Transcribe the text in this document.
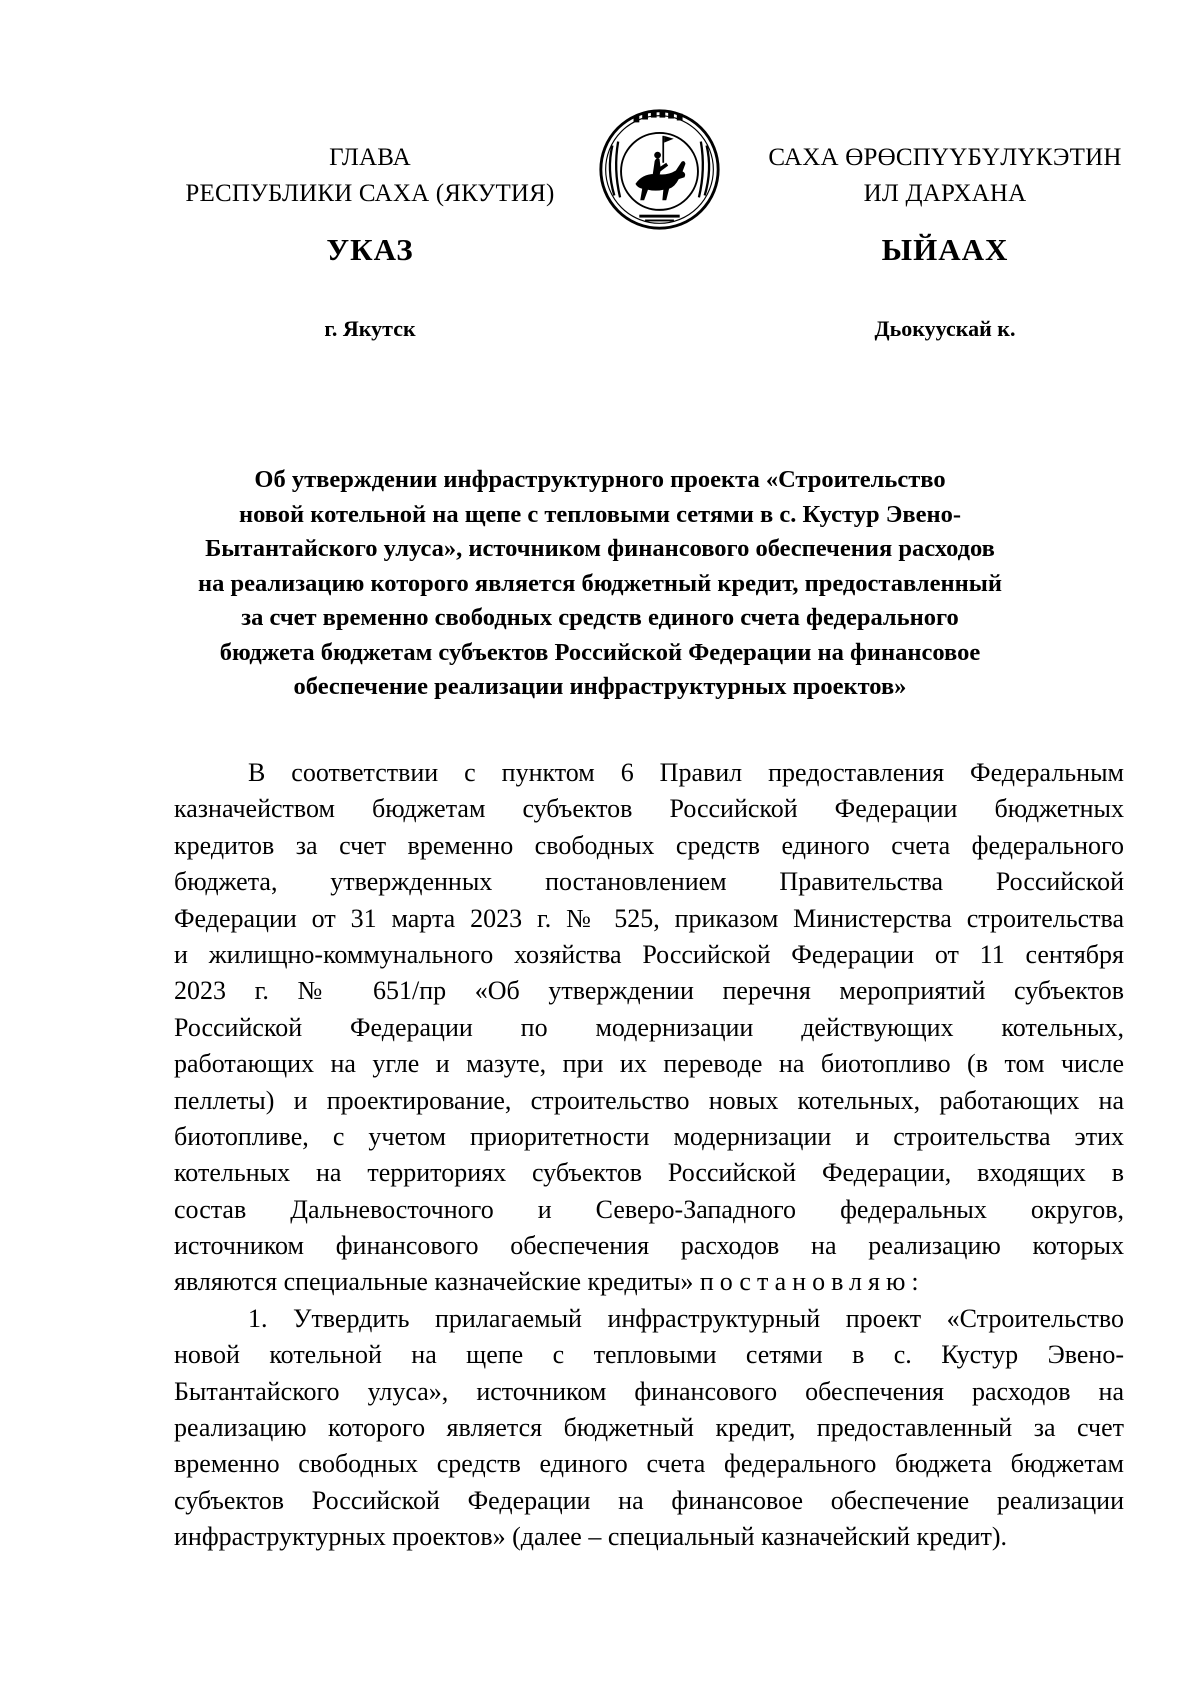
ГЛАВА
РЕСПУБЛИКИ САХА (ЯКУТИЯ)
САХА ӨРӨСПҮҮБҮЛҮКЭТИН
ИЛ ДАРХАНА
УКАЗ	ЫЙААХ
г. Якутск	Дьокуускай к.
Об утверждении инфраструктурного проекта «Строительство
новой котельной на щепе с тепловыми сетями в с. Кустур Эвено-
Бытантайского улуса», источником финансового обеспечения расходов
на реализацию которого является бюджетный кредит, предоставленный
за счет временно свободных средств единого счета федерального
бюджета бюджетам субъектов Российской Федерации на финансовое
обеспечение реализации инфраструктурных проектов»
В соответствии с пунктом 6 Правил предоставления Федеральным
казначейством бюджетам субъектов Российской Федерации бюджетных
кредитов за счет временно свободных средств единого счета федерального
бюджета, утвержденных постановлением Правительства Российской
Федерации от 31 марта 2023 г. № 525, приказом Министерства строительства
и жилищно-коммунального хозяйства Российской Федерации от 11 сентября
2023 г. № 651/пр «Об утверждении перечня мероприятий субъектов
Российской Федерации по модернизации действующих котельных,
работающих на угле и мазуте, при их переводе на биотопливо (в том числе
пеллеты) и проектирование, строительство новых котельных, работающих на
биотопливе, с учетом приоритетности модернизации и строительства этих
котельных на территориях субъектов Российской Федерации, входящих в
состав Дальневосточного и Северо-Западного федеральных округов,
источником финансового обеспечения расходов на реализацию которых
являются специальные казначейские кредиты» постановляю:
1. Утвердить прилагаемый инфраструктурный проект «Строительство
новой котельной на щепе с тепловыми сетями в с. Кустур Эвено-
Бытантайского улуса», источником финансового обеспечения расходов на
реализацию которого является бюджетный кредит, предоставленный за счет
временно свободных средств единого счета федерального бюджета бюджетам
субъектов Российской Федерации на финансовое обеспечение реализации
инфраструктурных проектов» (далее – специальный казначейский кредит).
